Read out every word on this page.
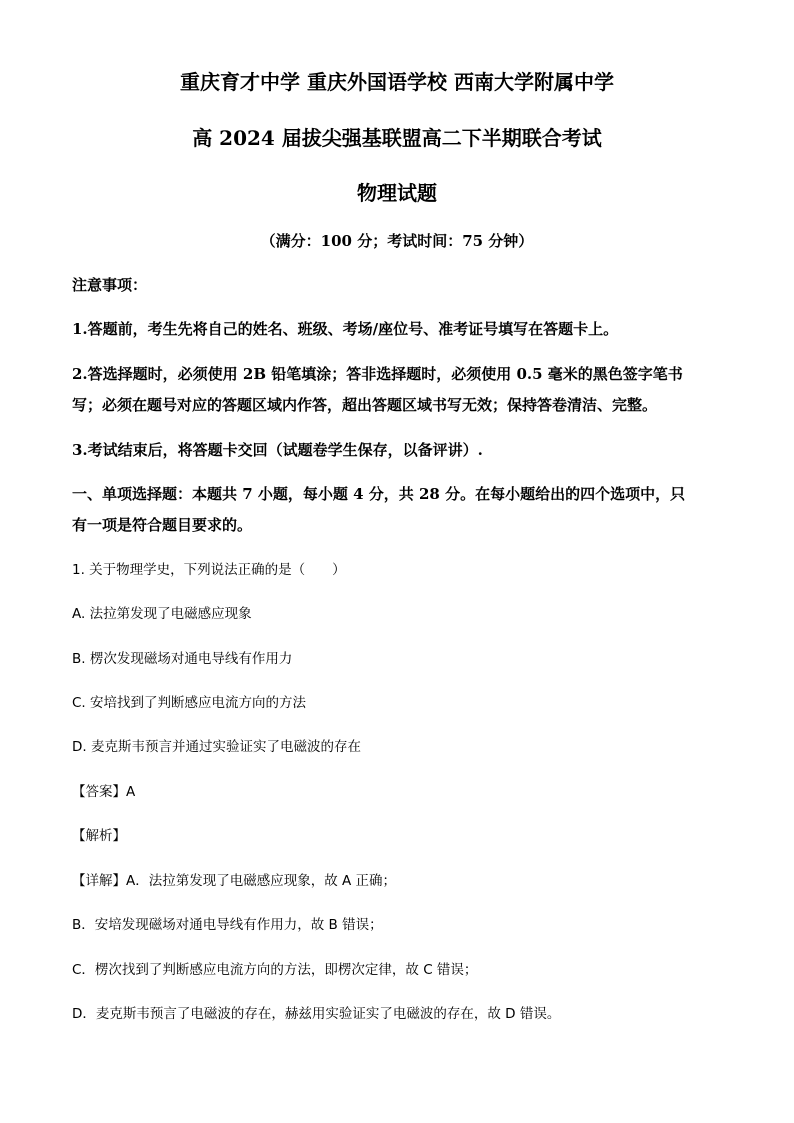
重庆育才中学 重庆外国语学校 西南大学附属中学
高 2024 届拔尖强基联盟高二下半期联合考试
物理试题
（满分：100 分；考试时间：75 分钟）
注意事项：
1.答题前，考生先将自己的姓名、班级、考场/座位号、准考证号填写在答题卡上。
2.答选择题时，必须使用 2B 铅笔填涂；答非选择题时，必须使用 0.5 毫米的黑色签字笔书
写；必须在题号对应的答题区域内作答，超出答题区域书写无效；保持答卷清洁、完整。
3.考试结束后，将答题卡交回（试题卷学生保存，以备评讲）.
一、单项选择题：本题共 7 小题，每小题 4 分，共 28 分。在每小题给出的四个选项中，只
有一项是符合题目要求的。
1. 关于物理学史，下列说法正确的是（　　）
A. 法拉第发现了电磁感应现象
B. 楞次发现磁场对通电导线有作用力
C. 安培找到了判断感应电流方向的方法
D. 麦克斯韦预言并通过实验证实了电磁波的存在
【答案】A
【解析】
【详解】A．法拉第发现了电磁感应现象，故 A 正确；
B．安培发现磁场对通电导线有作用力，故 B 错误；
C．楞次找到了判断感应电流方向的方法，即楞次定律，故 C 错误；
D．麦克斯韦预言了电磁波的存在，赫兹用实验证实了电磁波的存在，故 D 错误。
